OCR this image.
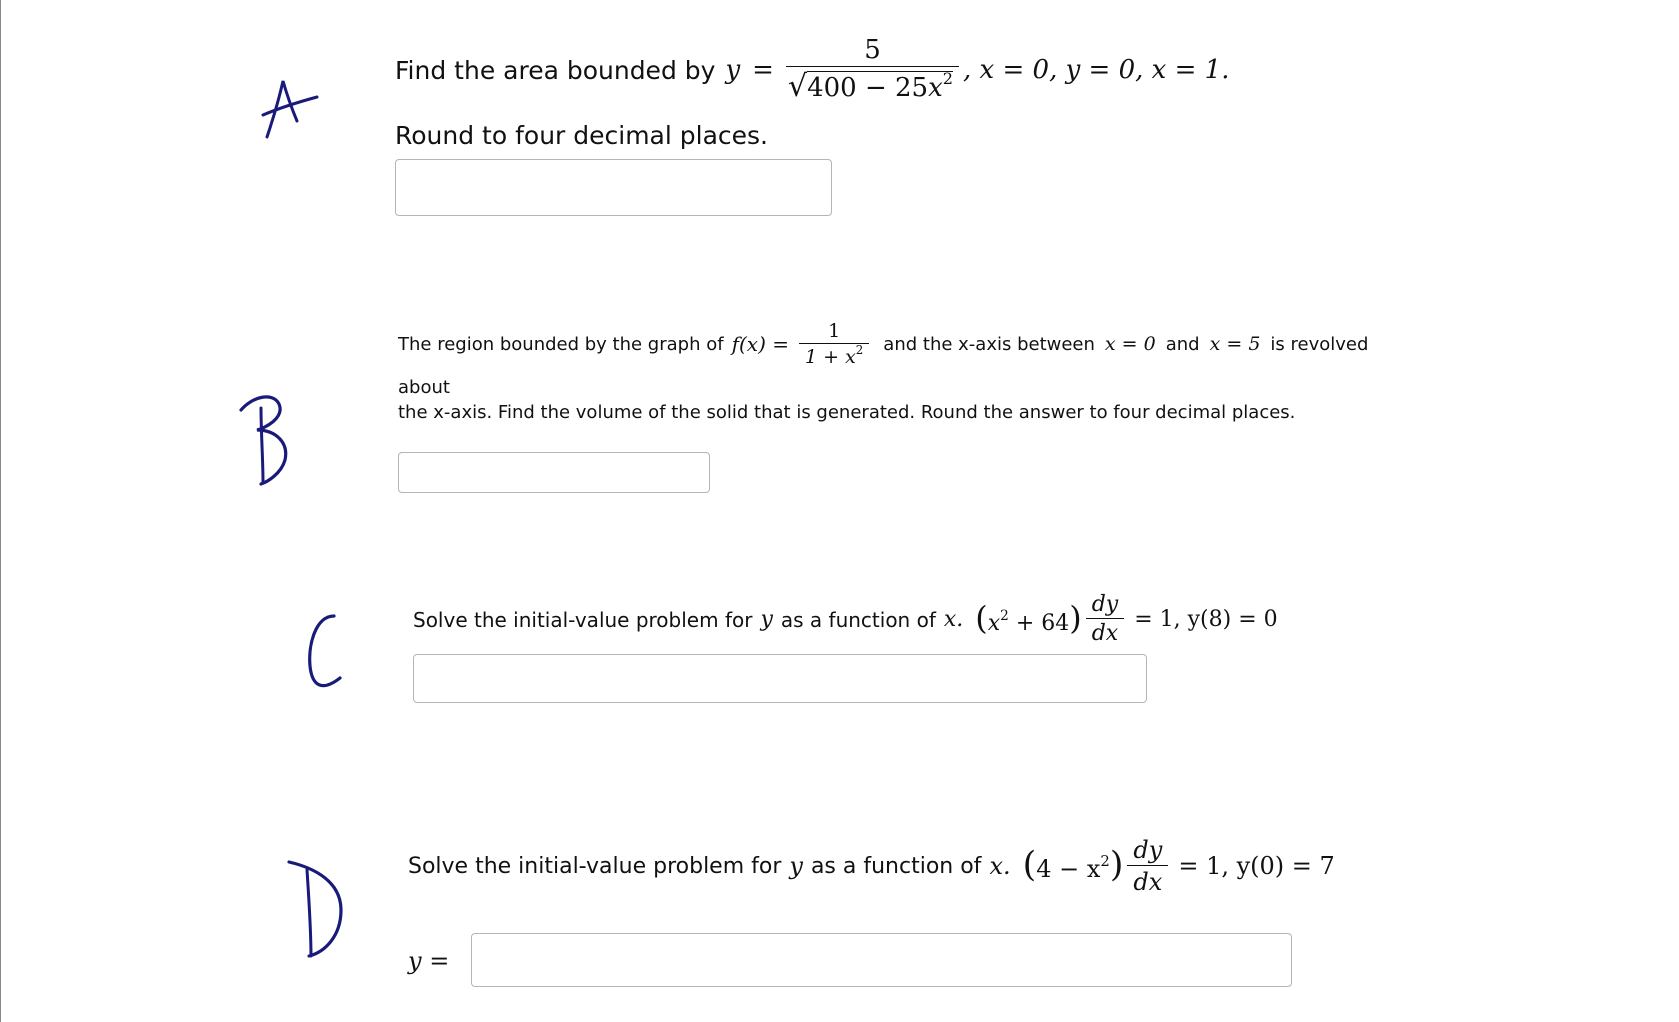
B
C
D
Find the area bounded by $y = \frac{5}{√400 - 25x^2}$ , x = 0, y = 0, x = 1.
Round to four decimal places.
The region bounded by the graph of $f(x) = \frac{1}{1 + x^2}$ and the x-axis between x = 0 and x = 5 is revolved
about
the x-axis. Find the volume of the solid that is generated. Round the answer to four decimal places.
Solve the initial-value problem for y as a function of x. $(x^2 + 64) \frac{dy}{dx} = 1$, y(8) = 0
Solve the initial-value problem for y as a function of x. $(4 - x^2) \frac{dy}{dx} = 1$, y(0) = 7
y =
